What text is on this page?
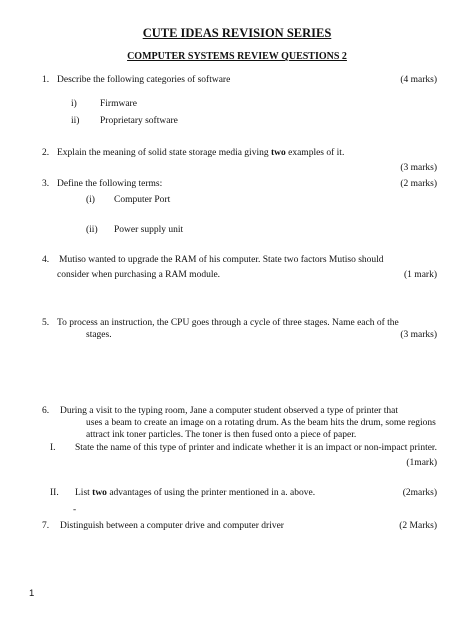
CUTE IDEAS REVISION SERIES
COMPUTER SYSTEMS REVIEW QUESTIONS 2
1. Describe the following categories of software	(4 marks)
i) Firmware
ii) Proprietary software
2. Explain the meaning of solid state storage media giving two examples of it.
(3 marks)
3. Define the following terms:	(2 marks)
(i) Computer Port
(ii) Power supply unit
4. Mutiso wanted to upgrade the RAM of his computer. State two factors Mutiso should
consider when purchasing a RAM module.	(1 mark)
5. To process an instruction, the CPU goes through a cycle of three stages. Name each of the
stages.	(3 marks)
6. During a visit to the typing room, Jane a computer student observed a type of printer that
uses a beam to create an image on a rotating drum. As the beam hits the drum, some regions
attract ink toner particles. The toner is then fused onto a piece of paper.
I. State the name of this type of printer and indicate whether it is an impact or non-impact printer.
(1mark)
II. List two advantages of using the printer mentioned in a. above.	(2marks)
-
7. Distinguish between a computer drive and computer driver	(2 Marks)
1
